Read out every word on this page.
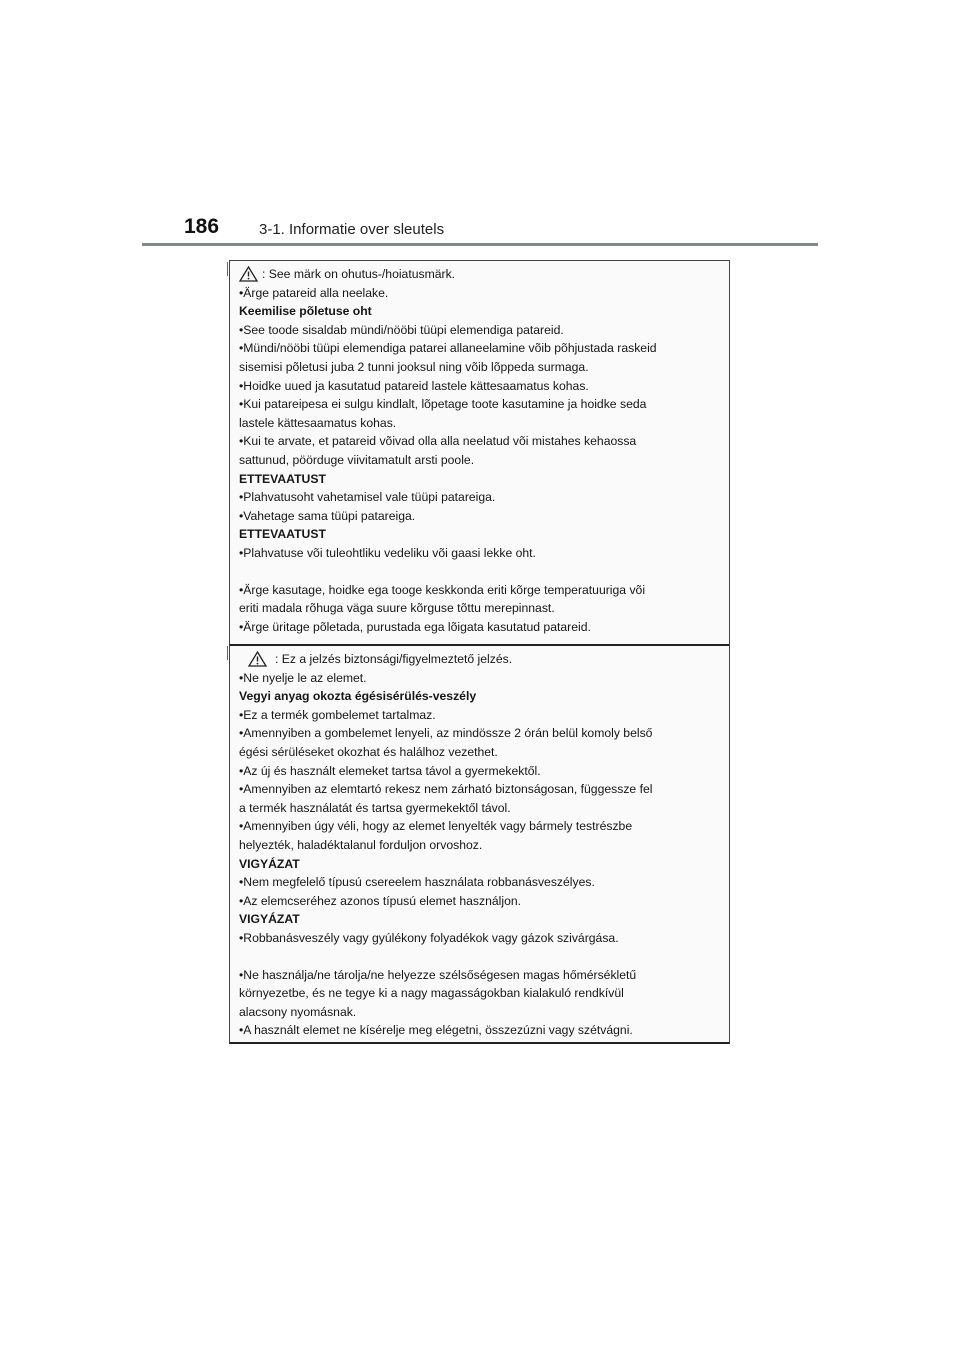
186	3-1. Informatie over sleutels
: See märk on ohutus-/hoiatusmärk.
•Ärge patareid alla neelake.
Keemilise põletuse oht
•See toode sisaldab mündi/nööbi tüüpi elemendiga patareid.
•Mündi/nööbi tüüpi elemendiga patarei allaneelamine võib põhjustada raskeid
sisemisi põletusi juba 2 tunni jooksul ning võib lõppeda surmaga.
•Hoidke uued ja kasutatud patareid lastele kättesaamatus kohas.
•Kui patareipesa ei sulgu kindlalt, lõpetage toote kasutamine ja hoidke seda
lastele kättesaamatus kohas.
•Kui te arvate, et patareid võivad olla alla neelatud või mistahes kehaossa
sattunud, pöörduge viivitamatult arsti poole.
ETTEVAATUST
•Plahvatusoht vahetamisel vale tüüpi patareiga.
•Vahetage sama tüüpi patareiga.
ETTEVAATUST
•Plahvatuse või tuleohtliku vedeliku või gaasi lekke oht.
•Ärge kasutage, hoidke ega tooge keskkonda eriti kõrge temperatuuriga või
eriti madala rõhuga väga suure kõrguse tõttu merepinnast.
•Ärge üritage põletada, purustada ega lõigata kasutatud patareid.
: Ez a jelzés biztonsági/figyelmeztető jelzés.
•Ne nyelje le az elemet.
Vegyi anyag okozta égésisérülés-veszély
•Ez a termék gombelemet tartalmaz.
•Amennyiben a gombelemet lenyeli, az mindössze 2 órán belül komoly belső
égési sérüléseket okozhat és halálhoz vezethet.
•Az új és használt elemeket tartsa távol a gyermekektől.
•Amennyiben az elemtartó rekesz nem zárható biztonságosan, függessze fel
a termék használatát és tartsa gyermekektől távol.
•Amennyiben úgy véli, hogy az elemet lenyelték vagy bármely testrészbe
helyezték, haladéktalanul forduljon orvoshoz.
VIGYÁZAT
•Nem megfelelő típusú csereelem használata robbanásveszélyes.
•Az elemcseréhez azonos típusú elemet használjon.
VIGYÁZAT
•Robbanásveszély vagy gyúlékony folyadékok vagy gázok szivárgása.
•Ne használja/ne tárolja/ne helyezze szélsőségesen magas hőmérsékletű
környezetbe, és ne tegye ki a nagy magasságokban kialakuló rendkívül
alacsony nyomásnak.
•A használt elemet ne kísérelje meg elégetni, összezúzni vagy szétvágni.
